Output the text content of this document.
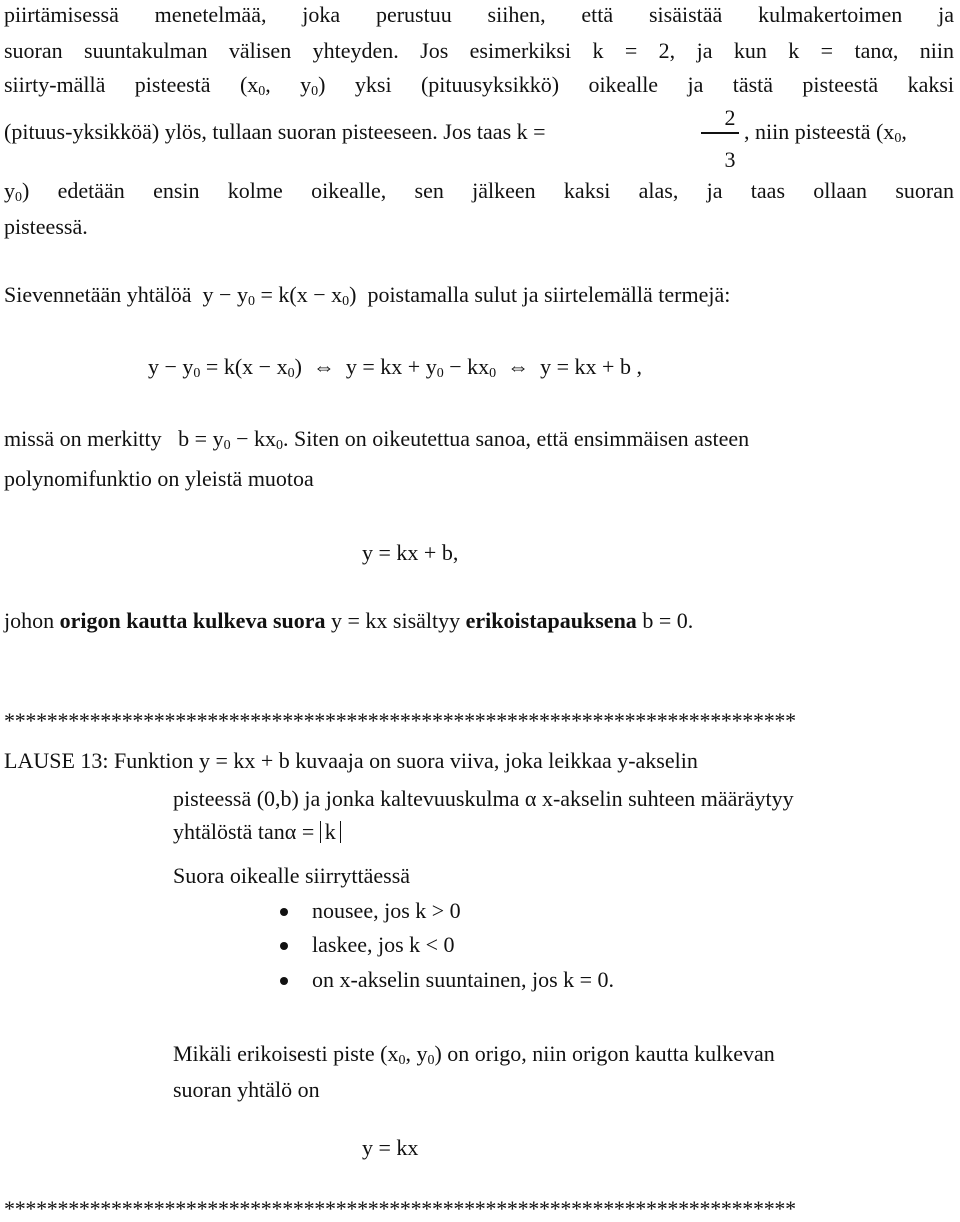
piirtämisessä menetelmää, joka perustuu siihen, että sisäistää kulmakertoimen ja
suoran suuntakulman välisen yhteyden. Jos esimerkiksi k = 2, ja kun k = tanα, niin
siirty-mällä pisteestä ($x_0$, $y_0$) yksi (pituusyksikkö) oikealle ja tästä pisteestä kaksi
(pituus-yksikköä) ylös, tullaan suoran pisteeseen. Jos taas k =
2
3
, niin pisteestä ($x_0$,
$y_0$) edetään ensin kolme oikealle, sen jälkeen kaksi alas, ja taas ollaan suoran
pisteessä.
Sievennetään yhtälöä $y - y_0 = k(x - x_0)$ poistamalla sulut ja siirtelemällä termejä:
$y - y_0 = k(x - x_0)$ ⇔ y = kx + $y_0 - kx_0$ ⇔ y = kx + b ,
missä on merkitty $b = y_0 - kx_0$. Siten on oikeutettua sanoa, että ensimmäisen asteen
polynomifunktio on yleistä muotoa
y = kx + b,
johon origon kautta kulkeva suora y = kx sisältyy erikoistapauksena b = 0.
**************************************************************************
LAUSE 13: Funktion y = kx + b kuvaaja on suora viiva, joka leikkaa y-akselin
pisteessä (0,b) ja jonka kaltevuuskulma α x-akselin suhteen määräytyy
yhtälöstä tanα = k
Suora oikealle siirryttäessä
nousee, jos k > 0
laskee, jos k < 0
on x-akselin suuntainen, jos k = 0.
Mikäli erikoisesti piste ($x_0$, $y_0$) on origo, niin origon kautta kulkevan
suoran yhtälö on
y = kx
**************************************************************************
